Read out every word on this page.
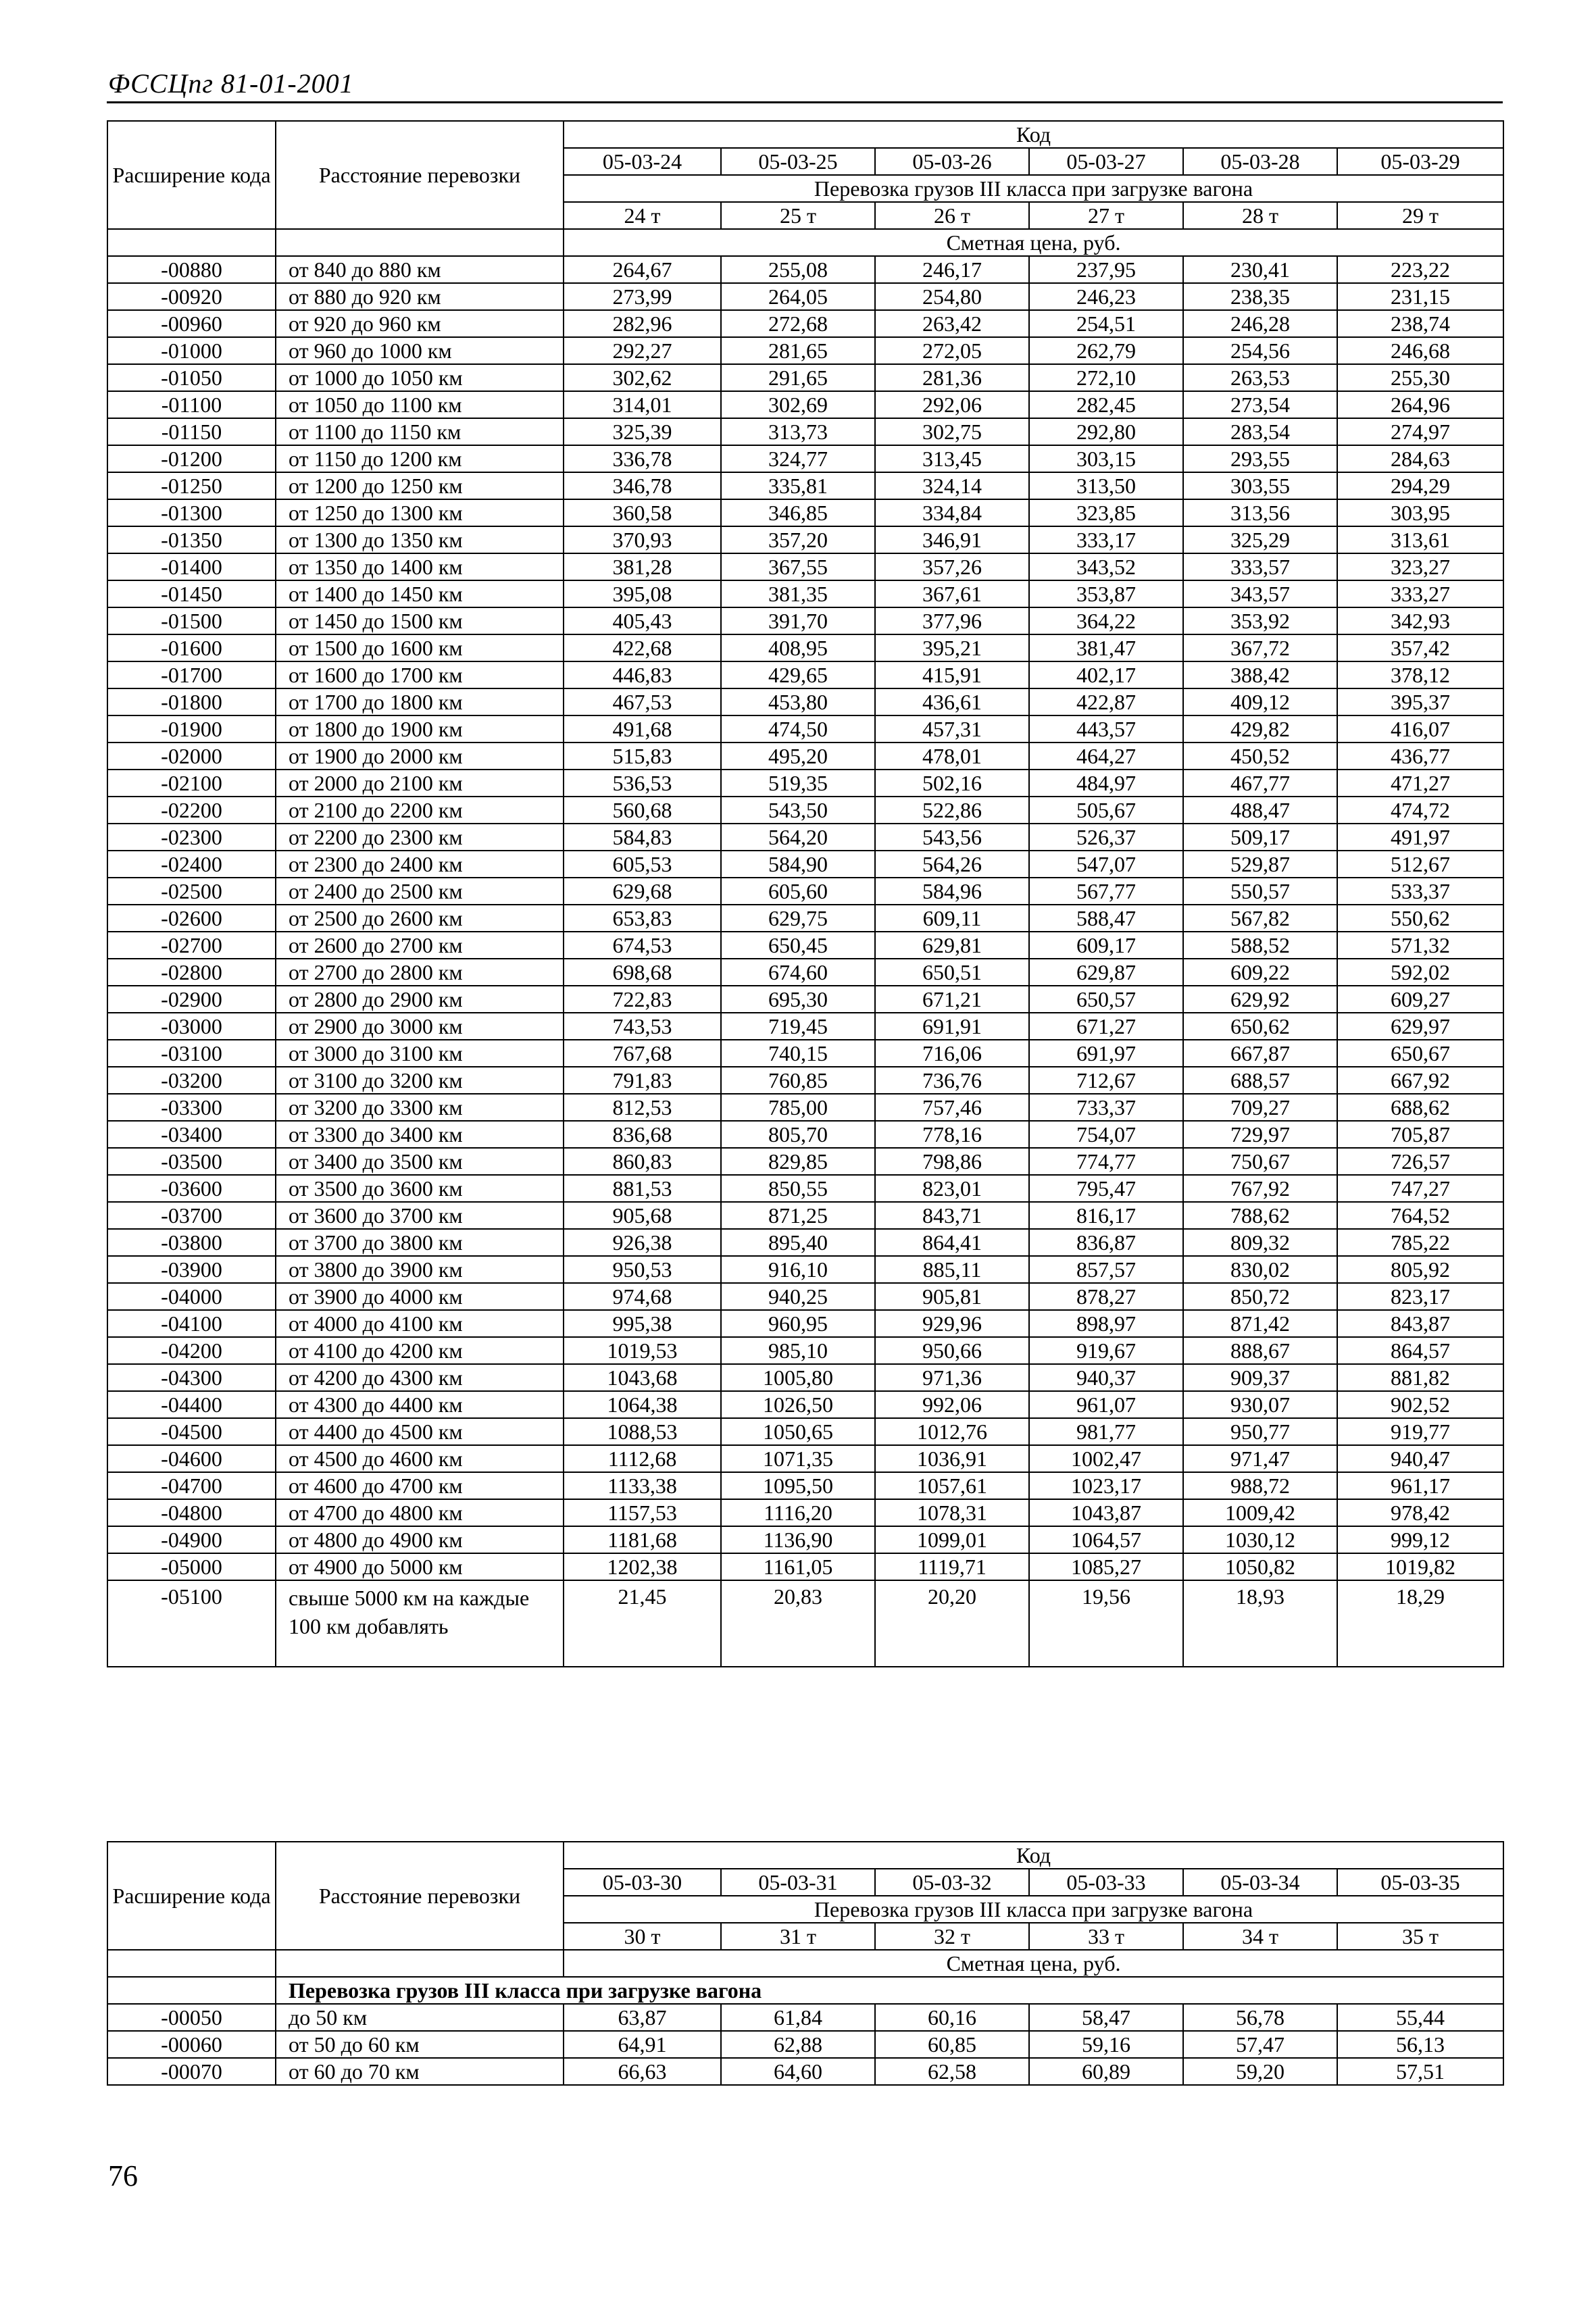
ФССЦпг 81-01-2001
Расширение кода	Расстояние перевозки	Код					
		05-03-24	05-03-25	05-03-26	05-03-27	05-03-28	05-03-29
		Перевозка грузов III класса при загрузке вагона					
		24 т	25 т	26 т	27 т	28 т	29 т
		Сметная цена, руб.					
-00880	от 840 до 880 км	264,67	255,08	246,17	237,95	230,41	223,22
-00920	от 880 до 920 км	273,99	264,05	254,80	246,23	238,35	231,15
-00960	от 920 до 960 км	282,96	272,68	263,42	254,51	246,28	238,74
-01000	от 960 до 1000 км	292,27	281,65	272,05	262,79	254,56	246,68
-01050	от 1000 до 1050 км	302,62	291,65	281,36	272,10	263,53	255,30
-01100	от 1050 до 1100 км	314,01	302,69	292,06	282,45	273,54	264,96
-01150	от 1100 до 1150 км	325,39	313,73	302,75	292,80	283,54	274,97
-01200	от 1150 до 1200 км	336,78	324,77	313,45	303,15	293,55	284,63
-01250	от 1200 до 1250 км	346,78	335,81	324,14	313,50	303,55	294,29
-01300	от 1250 до 1300 км	360,58	346,85	334,84	323,85	313,56	303,95
-01350	от 1300 до 1350 км	370,93	357,20	346,91	333,17	325,29	313,61
-01400	от 1350 до 1400 км	381,28	367,55	357,26	343,52	333,57	323,27
-01450	от 1400 до 1450 км	395,08	381,35	367,61	353,87	343,57	333,27
-01500	от 1450 до 1500 км	405,43	391,70	377,96	364,22	353,92	342,93
-01600	от 1500 до 1600 км	422,68	408,95	395,21	381,47	367,72	357,42
-01700	от 1600 до 1700 км	446,83	429,65	415,91	402,17	388,42	378,12
-01800	от 1700 до 1800 км	467,53	453,80	436,61	422,87	409,12	395,37
-01900	от 1800 до 1900 км	491,68	474,50	457,31	443,57	429,82	416,07
-02000	от 1900 до 2000 км	515,83	495,20	478,01	464,27	450,52	436,77
-02100	от 2000 до 2100 км	536,53	519,35	502,16	484,97	467,77	471,27
-02200	от 2100 до 2200 км	560,68	543,50	522,86	505,67	488,47	474,72
-02300	от 2200 до 2300 км	584,83	564,20	543,56	526,37	509,17	491,97
-02400	от 2300 до 2400 км	605,53	584,90	564,26	547,07	529,87	512,67
-02500	от 2400 до 2500 км	629,68	605,60	584,96	567,77	550,57	533,37
-02600	от 2500 до 2600 км	653,83	629,75	609,11	588,47	567,82	550,62
-02700	от 2600 до 2700 км	674,53	650,45	629,81	609,17	588,52	571,32
-02800	от 2700 до 2800 км	698,68	674,60	650,51	629,87	609,22	592,02
-02900	от 2800 до 2900 км	722,83	695,30	671,21	650,57	629,92	609,27
-03000	от 2900 до 3000 км	743,53	719,45	691,91	671,27	650,62	629,97
-03100	от 3000 до 3100 км	767,68	740,15	716,06	691,97	667,87	650,67
-03200	от 3100 до 3200 км	791,83	760,85	736,76	712,67	688,57	667,92
-03300	от 3200 до 3300 км	812,53	785,00	757,46	733,37	709,27	688,62
-03400	от 3300 до 3400 км	836,68	805,70	778,16	754,07	729,97	705,87
-03500	от 3400 до 3500 км	860,83	829,85	798,86	774,77	750,67	726,57
-03600	от 3500 до 3600 км	881,53	850,55	823,01	795,47	767,92	747,27
-03700	от 3600 до 3700 км	905,68	871,25	843,71	816,17	788,62	764,52
-03800	от 3700 до 3800 км	926,38	895,40	864,41	836,87	809,32	785,22
-03900	от 3800 до 3900 км	950,53	916,10	885,11	857,57	830,02	805,92
-04000	от 3900 до 4000 км	974,68	940,25	905,81	878,27	850,72	823,17
-04100	от 4000 до 4100 км	995,38	960,95	929,96	898,97	871,42	843,87
-04200	от 4100 до 4200 км	1019,53	985,10	950,66	919,67	888,67	864,57
-04300	от 4200 до 4300 км	1043,68	1005,80	971,36	940,37	909,37	881,82
-04400	от 4300 до 4400 км	1064,38	1026,50	992,06	961,07	930,07	902,52
-04500	от 4400 до 4500 км	1088,53	1050,65	1012,76	981,77	950,77	919,77
-04600	от 4500 до 4600 км	1112,68	1071,35	1036,91	1002,47	971,47	940,47
-04700	от 4600 до 4700 км	1133,38	1095,50	1057,61	1023,17	988,72	961,17
-04800	от 4700 до 4800 км	1157,53	1116,20	1078,31	1043,87	1009,42	978,42
-04900	от 4800 до 4900 км	1181,68	1136,90	1099,01	1064,57	1030,12	999,12
-05000	от 4900 до 5000 км	1202,38	1161,05	1119,71	1085,27	1050,82	1019,82
-05100	свыше 5000 км на каждые 100 км добавлять	21,45	20,83	20,20	19,56	18,93	18,29
Расширение кода	Расстояние перевозки	Код					
		05-03-30	05-03-31	05-03-32	05-03-33	05-03-34	05-03-35
		Перевозка грузов III класса при загрузке вагона					
		30 т	31 т	32 т	33 т	34 т	35 т
		Сметная цена, руб.					
	Перевозка грузов III класса при загрузке вагона						
-00050	до 50 км	63,87	61,84	60,16	58,47	56,78	55,44
-00060	от 50 до 60 км	64,91	62,88	60,85	59,16	57,47	56,13
-00070	от 60 до 70 км	66,63	64,60	62,58	60,89	59,20	57,51
76
